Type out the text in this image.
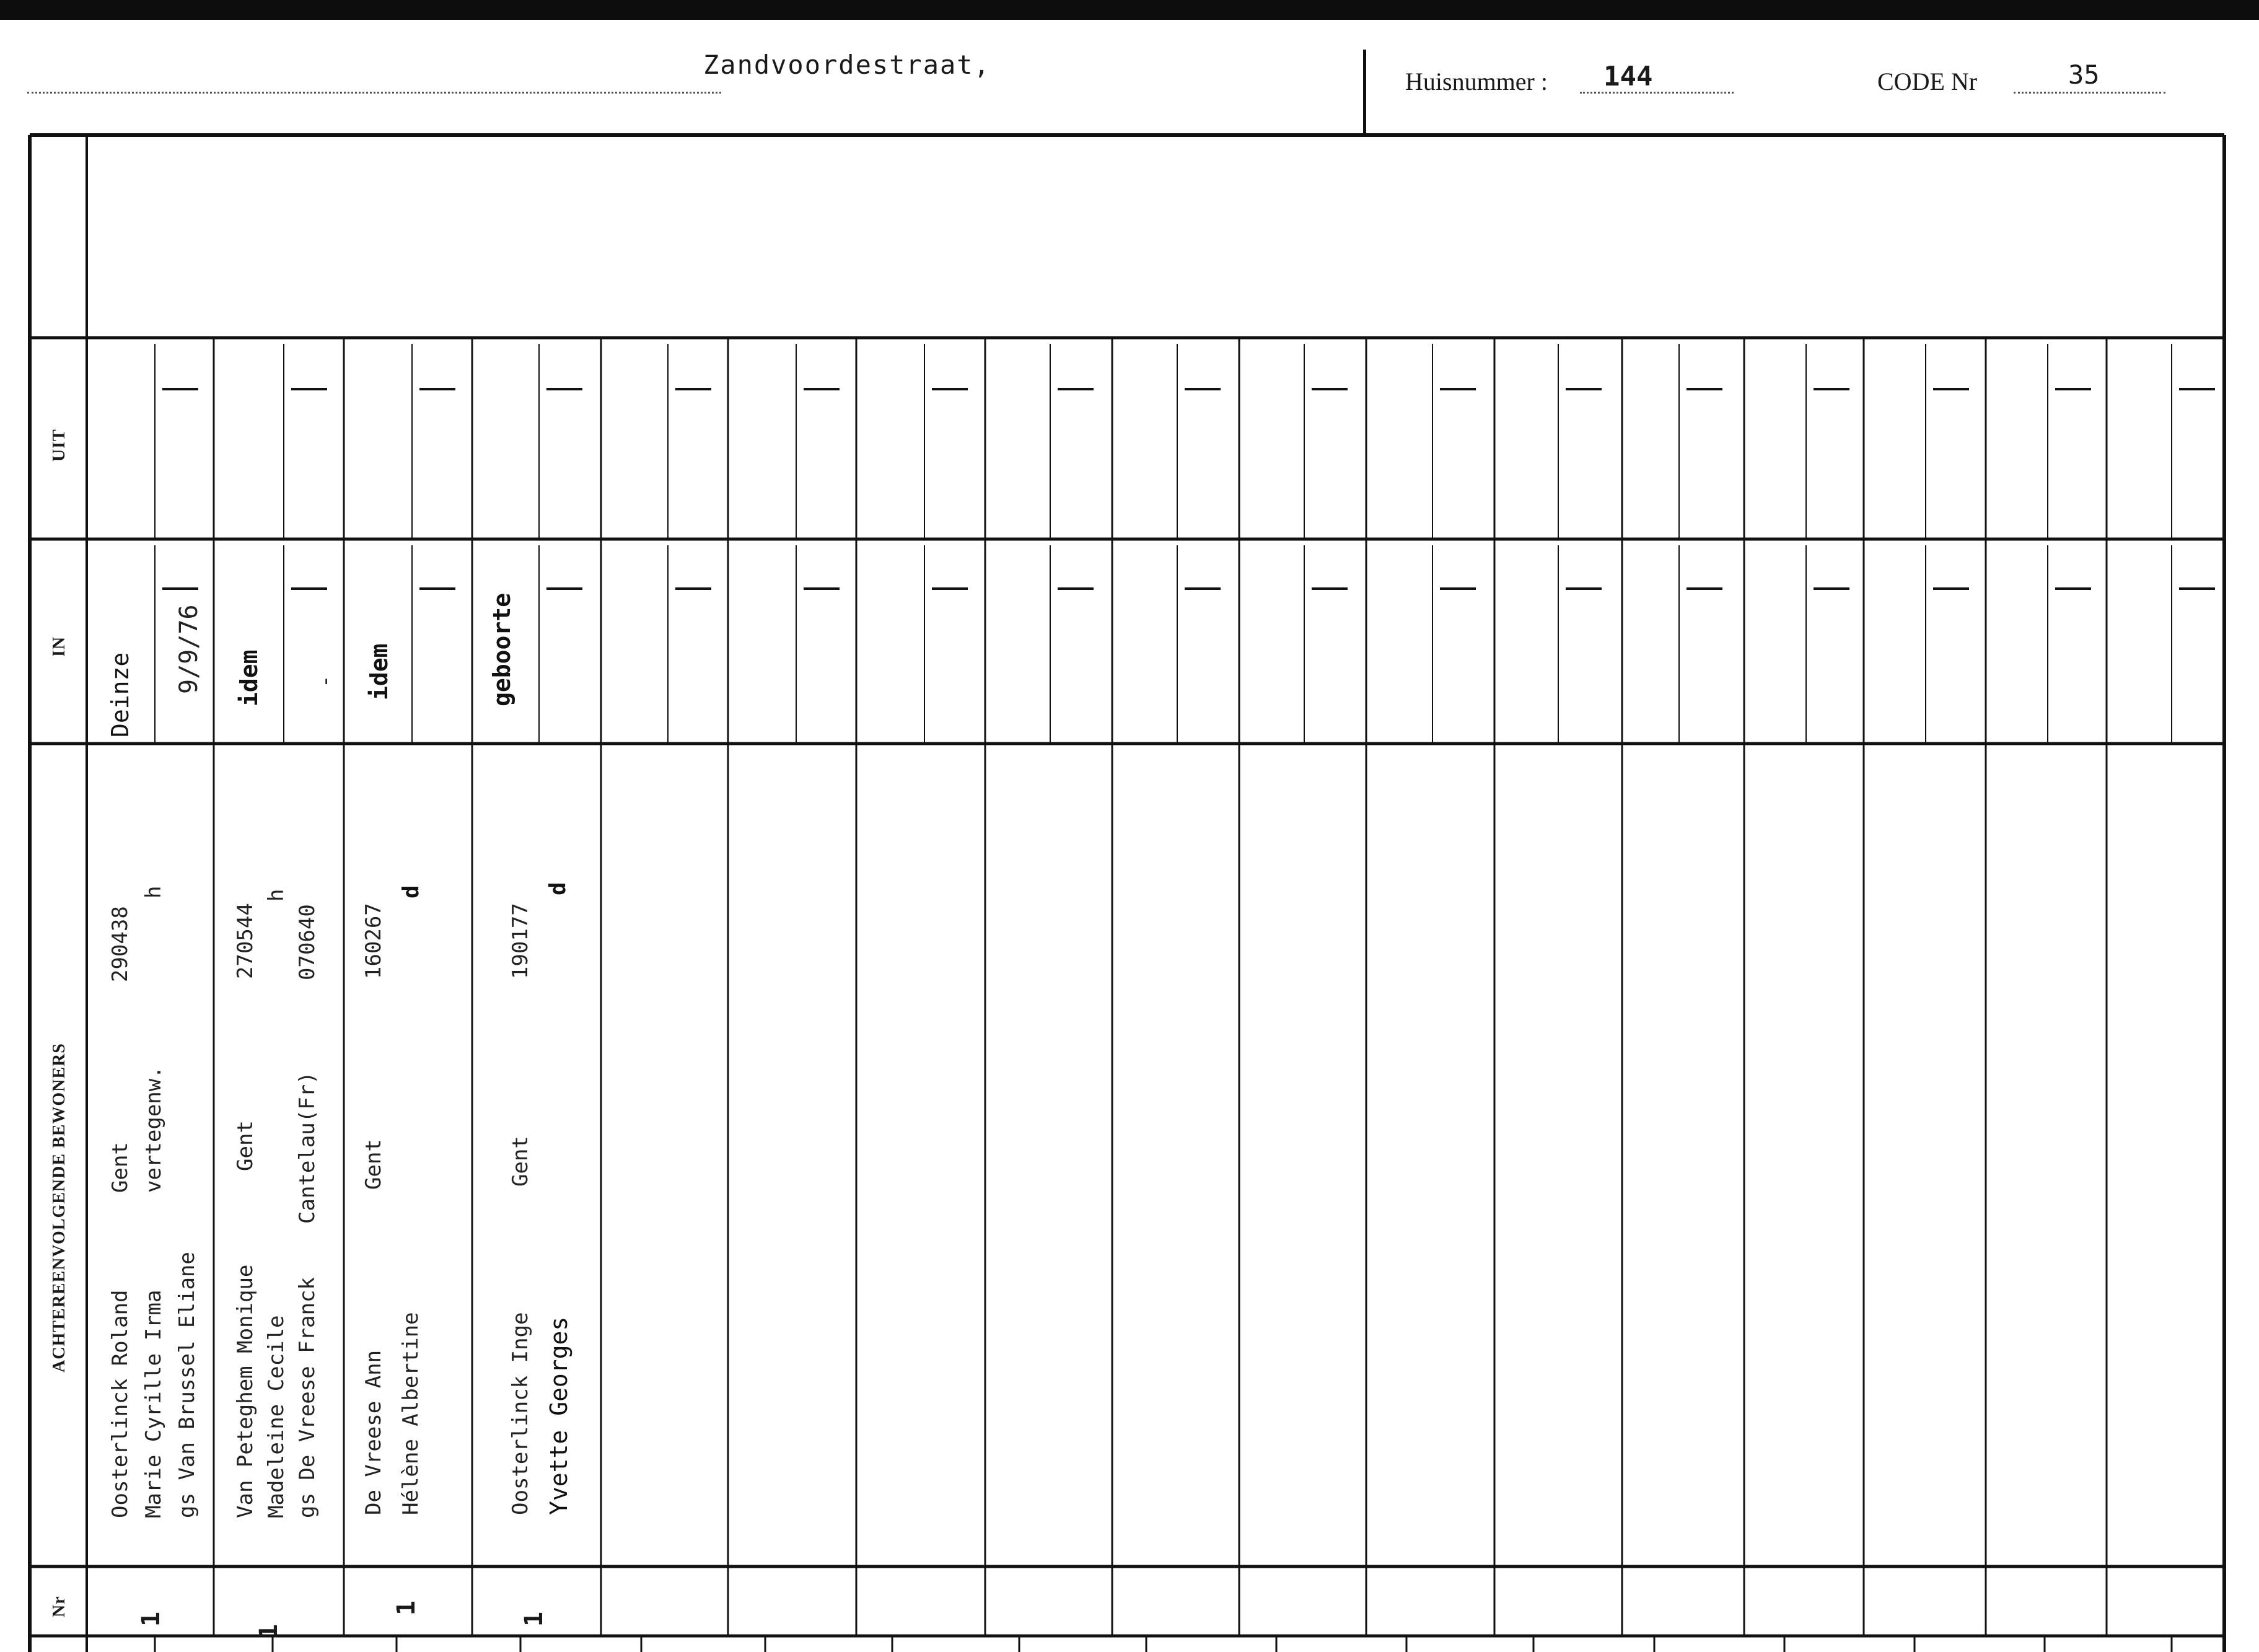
Zandvoordestraat,
Huisnummer : 144	CODE Nr	35
UIT
IN
ACHTEREENVOLGENDE BEWONERS
Nr
Deinze
9/9/76
Oosterlinck Roland Marie Cyrille Irma gs Van Brussel Eliane
Gent vertegenw.
290438
h
1
idem -
Van Peteghem Monique Madeleine Cecile gs De Vreese Franck
Gent Cantelau(Fr)
270544
h
070640
1
idem
De Vreese Ann Hélène Albertine
Gent
160267
d
1
geboorte
Oosterlinck Inge Yvette Georges
Gent
190177
d
1
